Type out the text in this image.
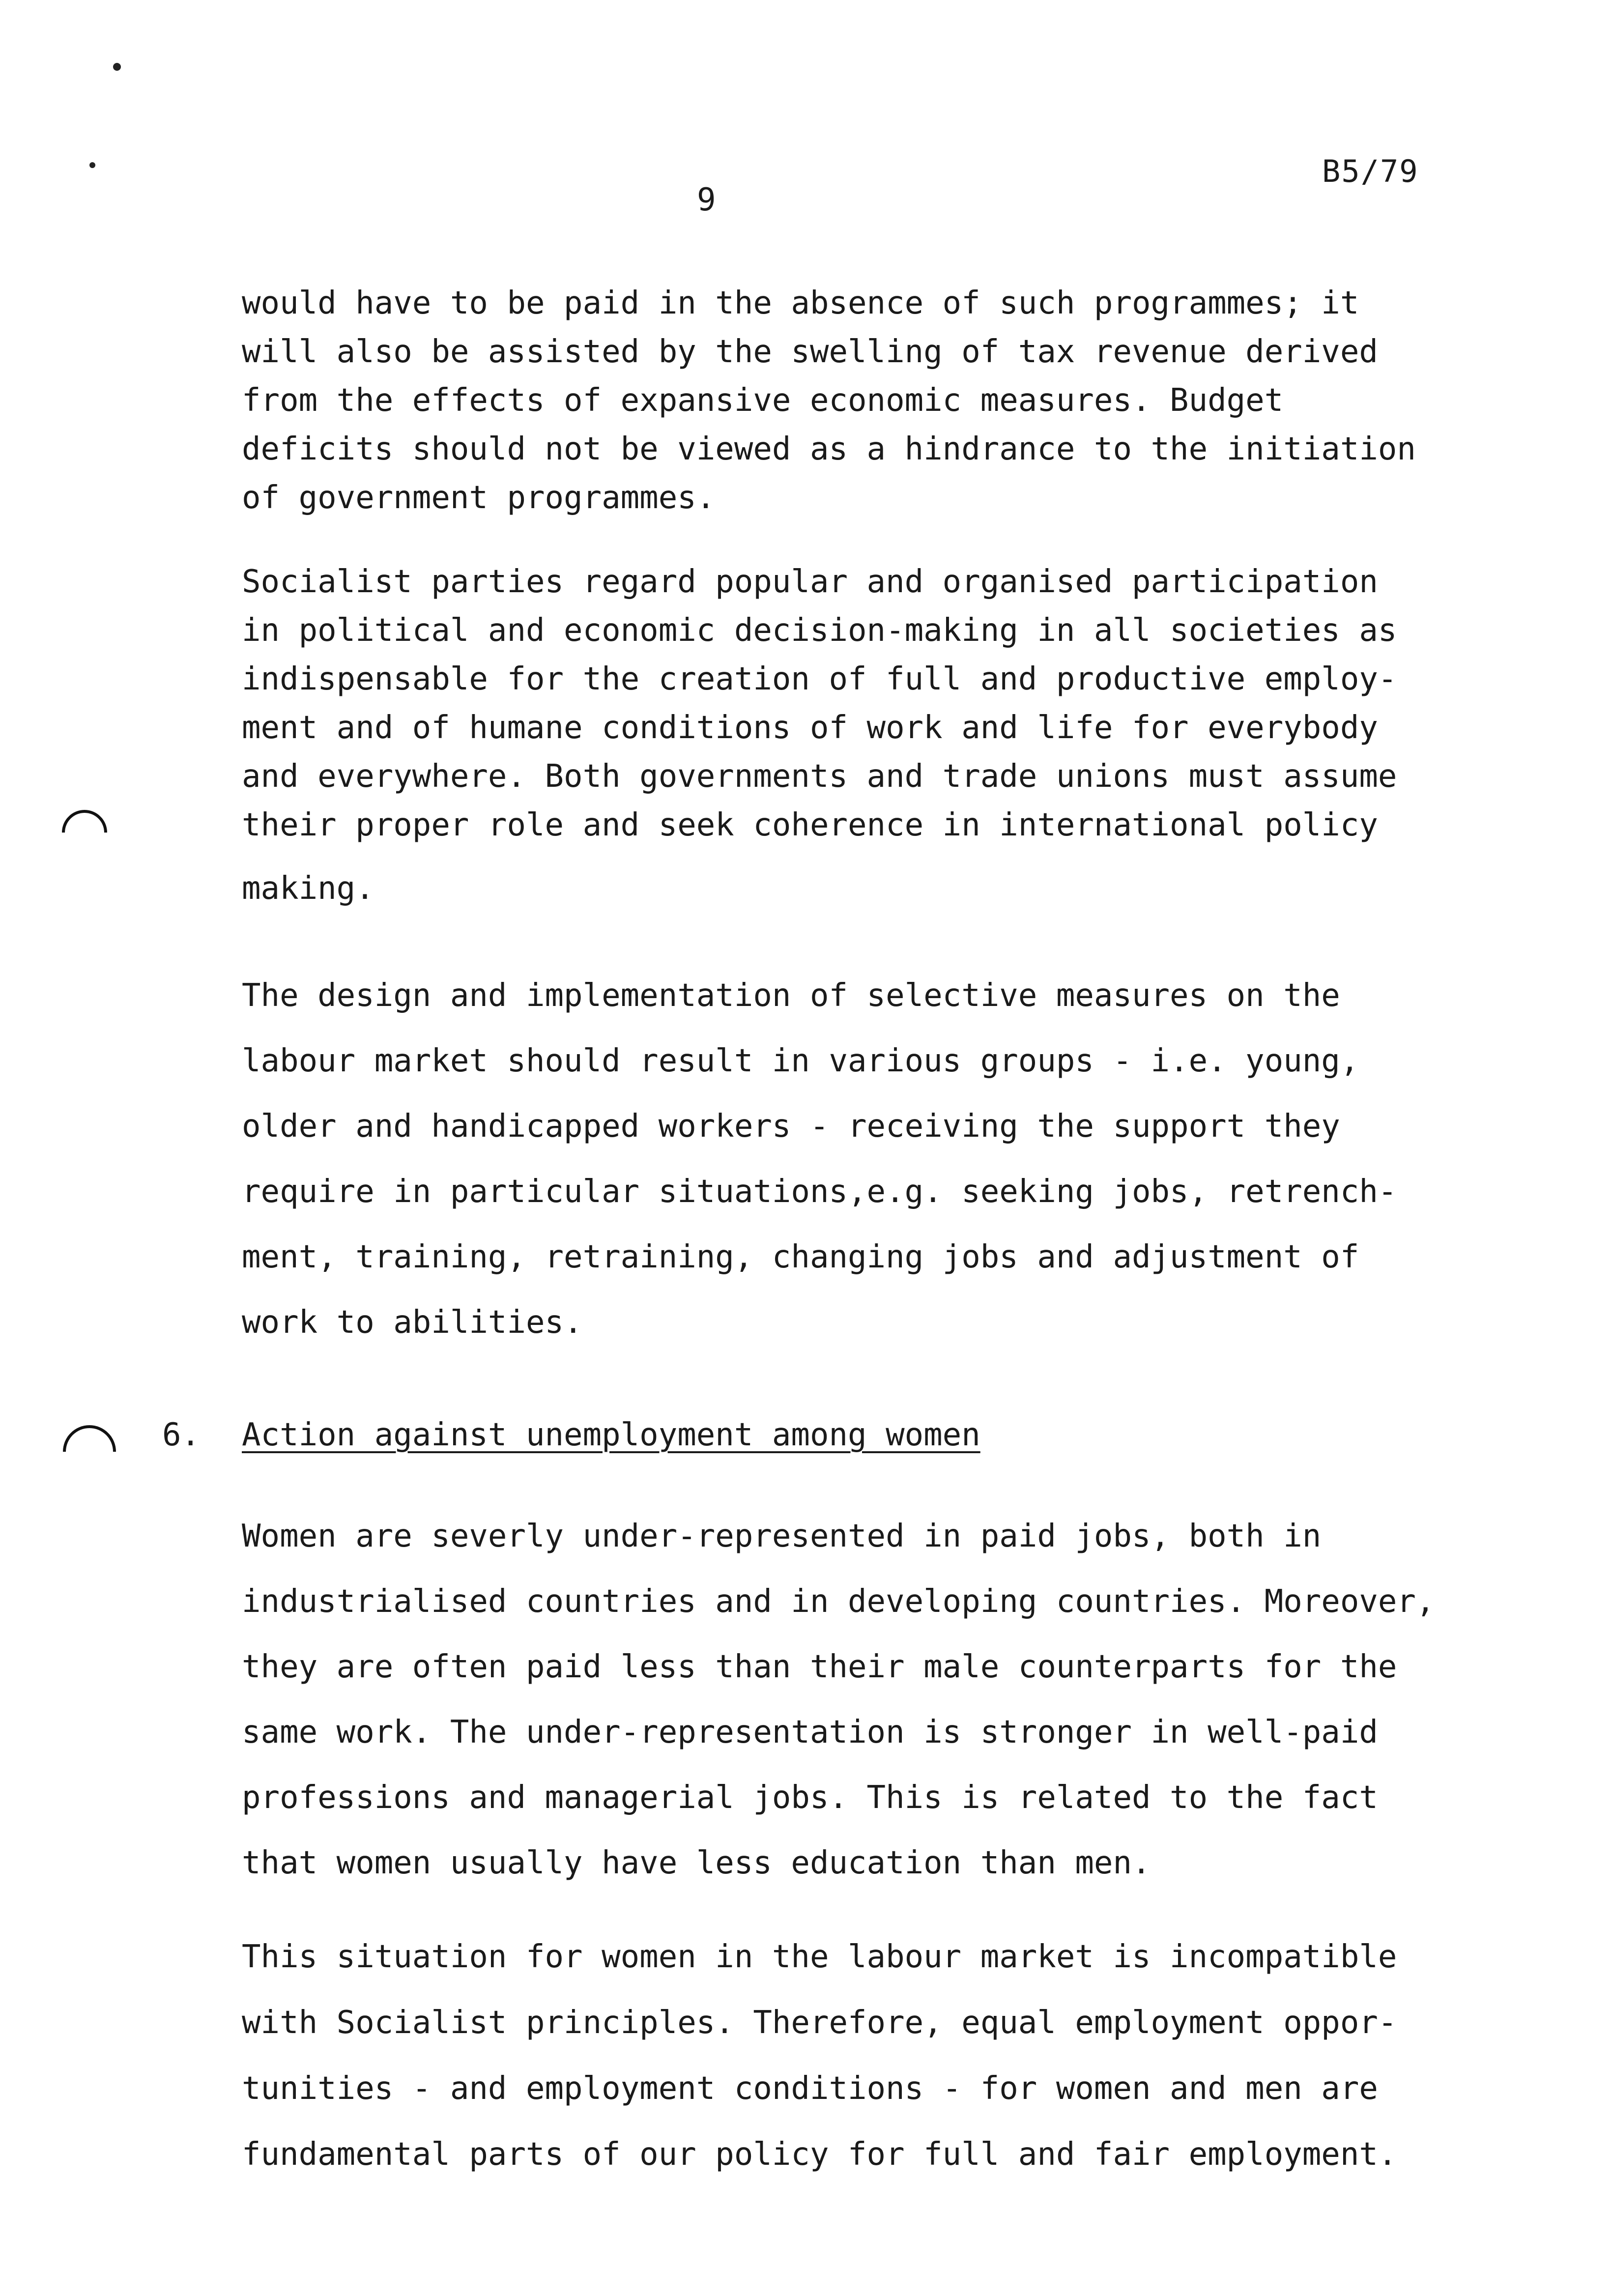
B5/79
9
would have to be paid in the absence of such programmes; it
will also be assisted by the swelling of tax revenue derived
from the effects of expansive economic measures. Budget
deficits should not be viewed as a hindrance to the initiation
of government programmes.
Socialist parties regard popular and organised participation
in political and economic decision-making in all societies as
indispensable for the creation of full and productive employ-
ment and of humane conditions of work and life for everybody
and everywhere. Both governments and trade unions must assume
their proper role and seek coherence in international policy
making.
The design and implementation of selective measures on the
labour market should result in various groups - i.e. young,
older and handicapped workers - receiving the support they
require in particular situations,e.g. seeking jobs, retrench-
ment, training, retraining, changing jobs and adjustment of
work to abilities.
6. Action against unemployment among women
Women are severly under-represented in paid jobs, both in
industrialised countries and in developing countries. Moreover,
they are often paid less than their male counterparts for the
same work. The under-representation is stronger in well-paid
professions and managerial jobs. This is related to the fact
that women usually have less education than men.
This situation for women in the labour market is incompatible
with Socialist principles. Therefore, equal employment oppor-
tunities - and employment conditions - for women and men are
fundamental parts of our policy for full and fair employment.
